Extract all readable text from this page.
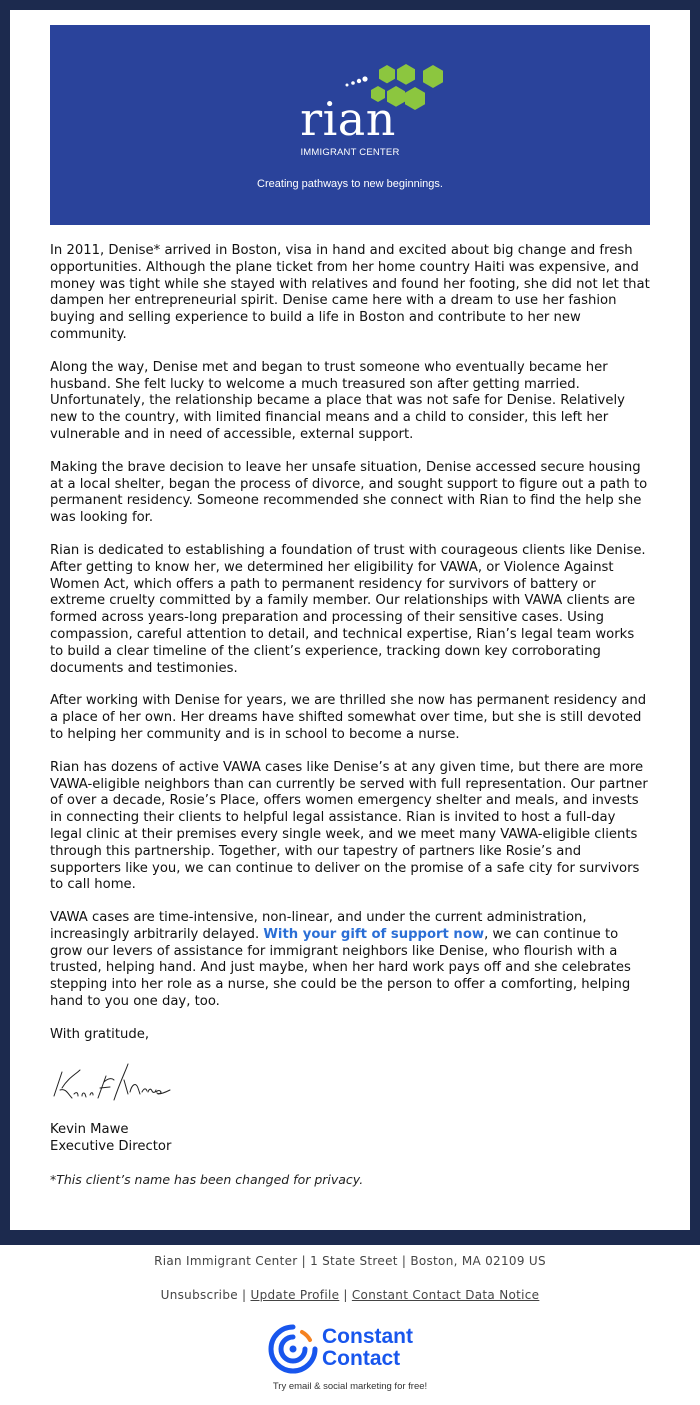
rian
IMMIGRANT CENTER
Creating pathways to new beginnings.

In 2011, Denise* arrived in Boston, visa in hand and excited about big change and fresh opportunities. Although the plane ticket from her home country Haiti was expensive, and money was tight while she stayed with relatives and found her footing, she did not let that dampen her entrepreneurial spirit. Denise came here with a dream to use her fashion buying and selling experience to build a life in Boston and contribute to her new community.

Along the way, Denise met and began to trust someone who eventually became her husband. She felt lucky to welcome a much treasured son after getting married. Unfortunately, the relationship became a place that was not safe for Denise. Relatively new to the country, with limited financial means and a child to consider, this left her vulnerable and in need of accessible, external support.

Making the brave decision to leave her unsafe situation, Denise accessed secure housing at a local shelter, began the process of divorce, and sought support to figure out a path to permanent residency. Someone recommended she connect with Rian to find the help she was looking for.

Rian is dedicated to establishing a foundation of trust with courageous clients like Denise. After getting to know her, we determined her eligibility for VAWA, or Violence Against Women Act, which offers a path to permanent residency for survivors of battery or extreme cruelty committed by a family member. Our relationships with VAWA clients are formed across years-long preparation and processing of their sensitive cases. Using compassion, careful attention to detail, and technical expertise, Rian’s legal team works to build a clear timeline of the client’s experience, tracking down key corroborating documents and testimonies.

After working with Denise for years, we are thrilled she now has permanent residency and a place of her own. Her dreams have shifted somewhat over time, but she is still devoted to helping her community and is in school to become a nurse.

Rian has dozens of active VAWA cases like Denise’s at any given time, but there are more VAWA-eligible neighbors than can currently be served with full representation. Our partner of over a decade, Rosie’s Place, offers women emergency shelter and meals, and invests in connecting their clients to helpful legal assistance. Rian is invited to host a full-day legal clinic at their premises every single week, and we meet many VAWA-eligible clients through this partnership. Together, with our tapestry of partners like Rosie’s and supporters like you, we can continue to deliver on the promise of a safe city for survivors to call home.

VAWA cases are time-intensive, non-linear, and under the current administration, increasingly arbitrarily delayed. With your gift of support now, we can continue to grow our levers of assistance for immigrant neighbors like Denise, who flourish with a trusted, helping hand. And just maybe, when her hard work pays off and she celebrates stepping into her role as a nurse, she could be the person to offer a comforting, helping hand to you one day, too.

With gratitude,

Kevin Mawe
Executive Director
*This client’s name has been changed for privacy.
Rian Immigrant Center | 1 State Street | Boston, MA 02109 US
Unsubscribe | Update Profile | Constant Contact Data Notice
Constant
Contact
Try email & social marketing for free!
